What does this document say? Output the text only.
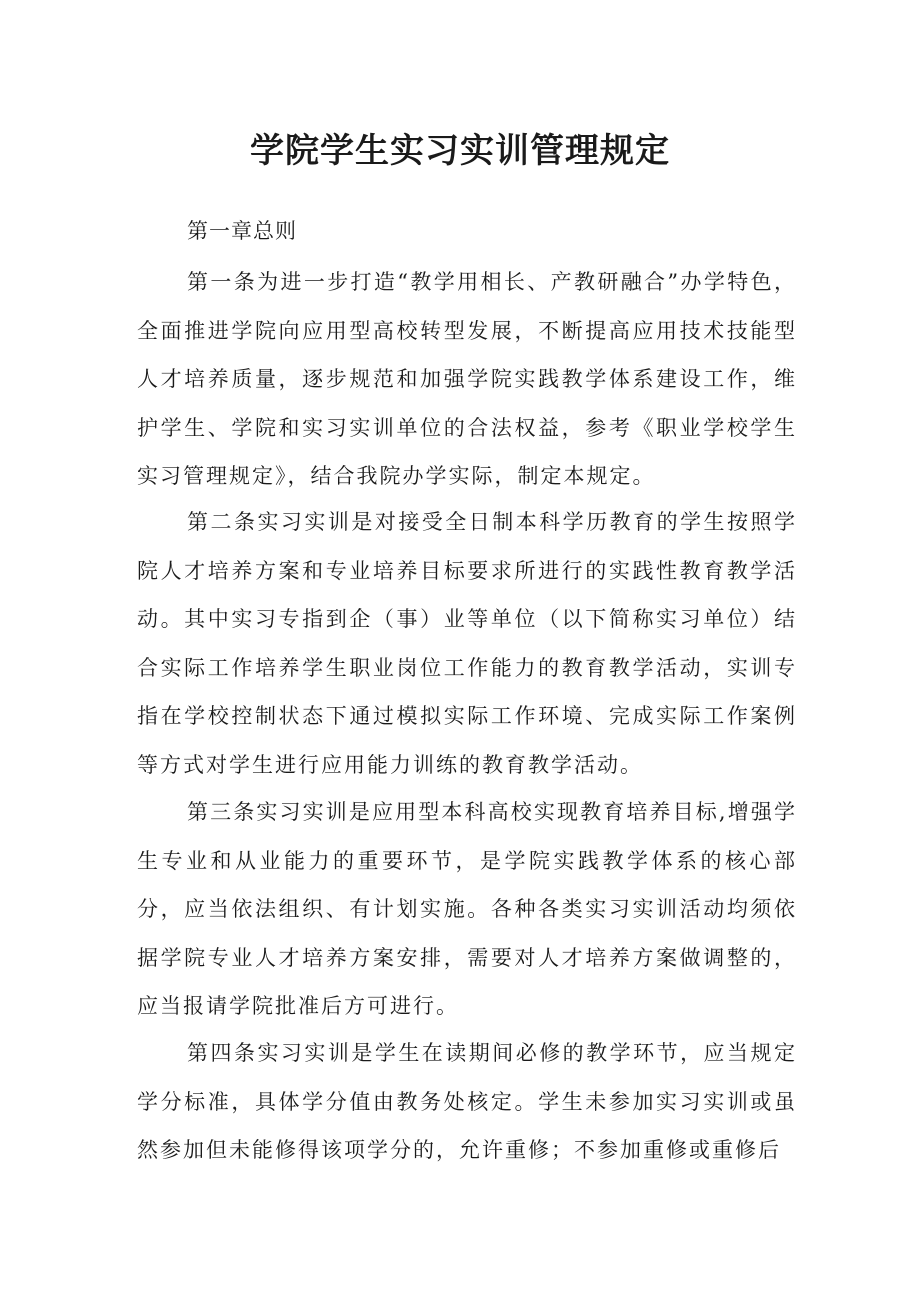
学院学生实习实训管理规定

第一章总则

第一条为进一步打造“教学用相长、产教研融合”办学特色，全面推进学院向应用型高校转型发展，不断提高应用技术技能型人才培养质量，逐步规范和加强学院实践教学体系建设工作，维护学生、学院和实习实训单位的合法权益，参考《职业学校学生实习管理规定》，结合我院办学实际，制定本规定。

第二条实习实训是对接受全日制本科学历教育的学生按照学院人才培养方案和专业培养目标要求所进行的实践性教育教学活动。其中实习专指到企（事）业等单位（以下简称实习单位）结合实际工作培养学生职业岗位工作能力的教育教学活动，实训专指在学校控制状态下通过模拟实际工作环境、完成实际工作案例等方式对学生进行应用能力训练的教育教学活动。

第三条实习实训是应用型本科高校实现教育培养目标,增强学生专业和从业能力的重要环节，是学院实践教学体系的核心部分，应当依法组织、有计划实施。各种各类实习实训活动均须依据学院专业人才培养方案安排，需要对人才培养方案做调整的，应当报请学院批准后方可进行。

第四条实习实训是学生在读期间必修的教学环节，应当规定学分标准，具体学分值由教务处核定。学生未参加实习实训或虽然参加但未能修得该项学分的，允许重修；不参加重修或重修后
